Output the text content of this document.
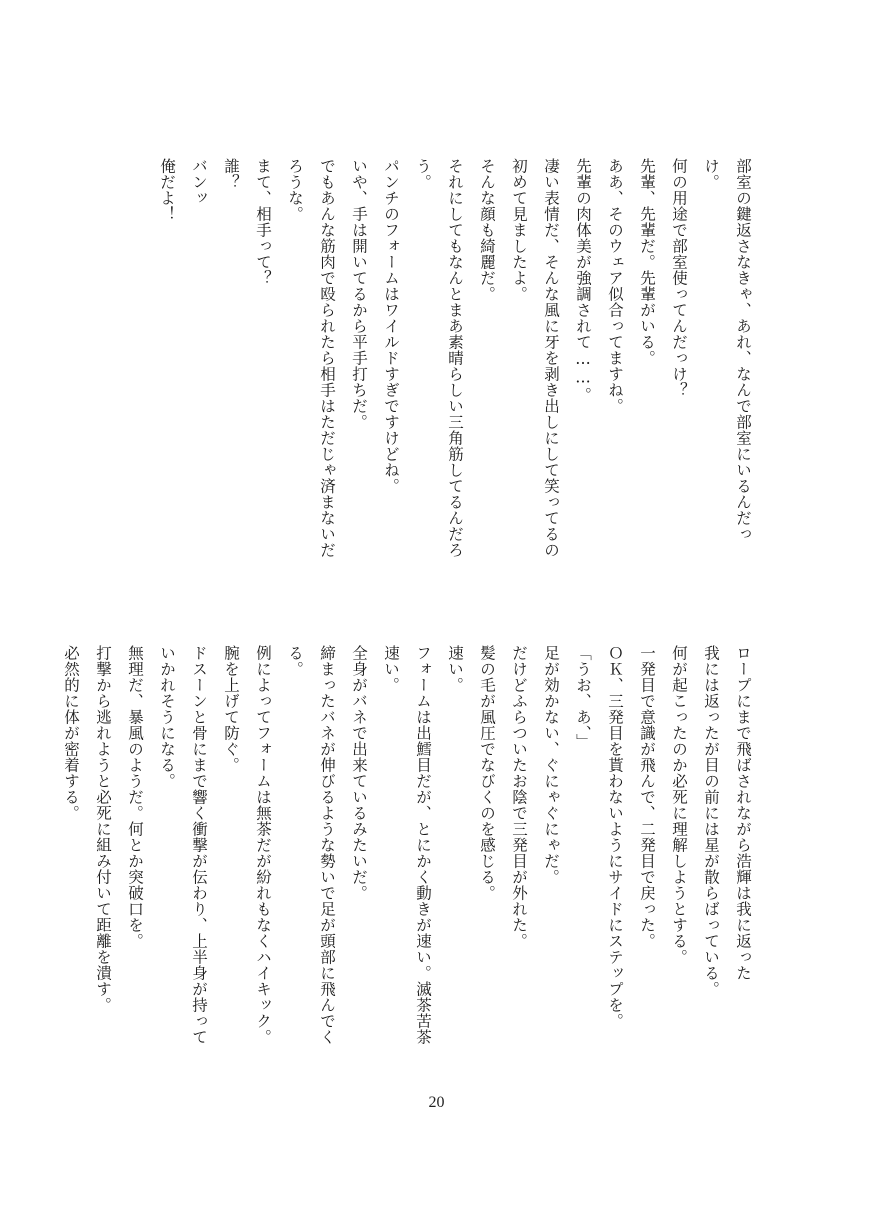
部室の鍵返さなきゃ、あれ、なんで部室にいるんだっ

け。

何の用途で部室使ってんだっけ？

先輩、先輩だ。先輩がいる。

ああ、そのウェア似合ってますね。

先輩の肉体美が強調されて……。

凄い表情だ、そんな風に牙を剥き出しにして笑ってるの

初めて見ましたよ。

そんな顔も綺麗だ。

それにしてもなんとまあ素晴らしい三角筋してるんだろ

う。

パンチのフォームはワイルドすぎですけどね。

いや、手は開いてるから平手打ちだ。

でもあんな筋肉で殴られたら相手はただじゃ済まないだ

ろうな。

まて、相手って？

誰？

バンッ

俺だよ！

ロープにまで飛ばされながら浩輝は我に返った

我には返ったが目の前には星が散らばっている。

何が起こったのか必死に理解しようとする。

一発目で意識が飛んで、二発目で戻った。

ＯＫ、三発目を貰わないようにサイドにステップを。

「うお、あ、」

足が効かない、ぐにゃぐにゃだ。

だけどふらついたお陰で三発目が外れた。

髪の毛が風圧でなびくのを感じる。

速い。

フォームは出鱈目だが、とにかく動きが速い。滅茶苦茶

速い。

全身がバネで出来ているみたいだ。

締まったバネが伸びるような勢いで足が頭部に飛んでく

る。

例によってフォームは無茶だが紛れもなくハイキック。

腕を上げて防ぐ。

ドスーンと骨にまで響く衝撃が伝わり、上半身が持って

いかれそうになる。

無理だ、暴風のようだ。何とか突破口を。

打撃から逃れようと必死に組み付いて距離を潰す。

必然的に体が密着する。

20
